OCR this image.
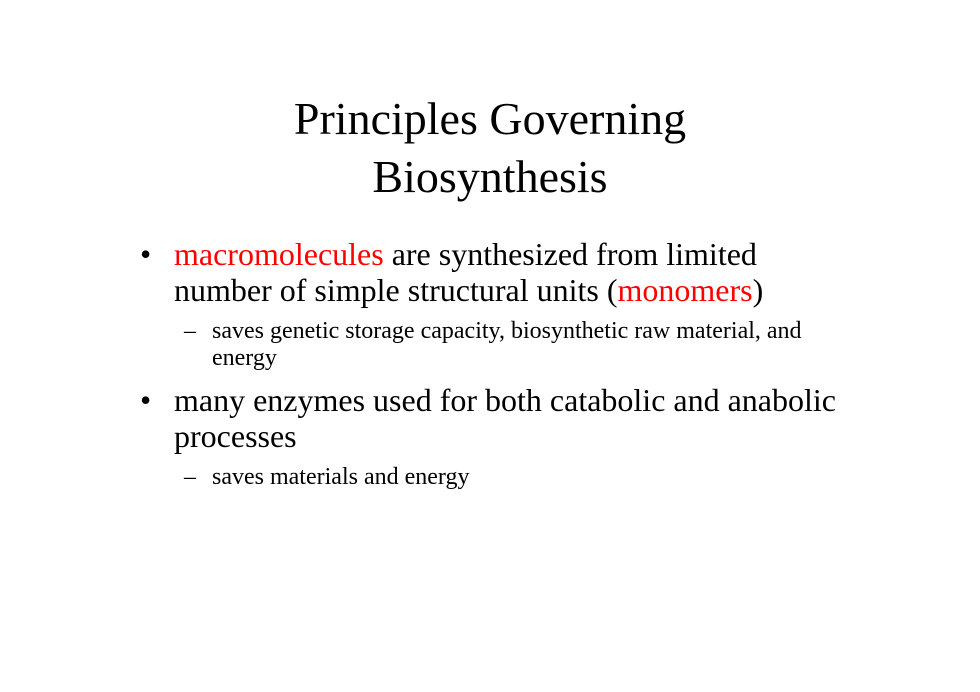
Principles Governing
Biosynthesis

• macromolecules are synthesized from limited number of simple structural units (monomers)

– saves genetic storage capacity, biosynthetic raw material, and energy

• many enzymes used for both catabolic and anabolic processes

– saves materials and energy
